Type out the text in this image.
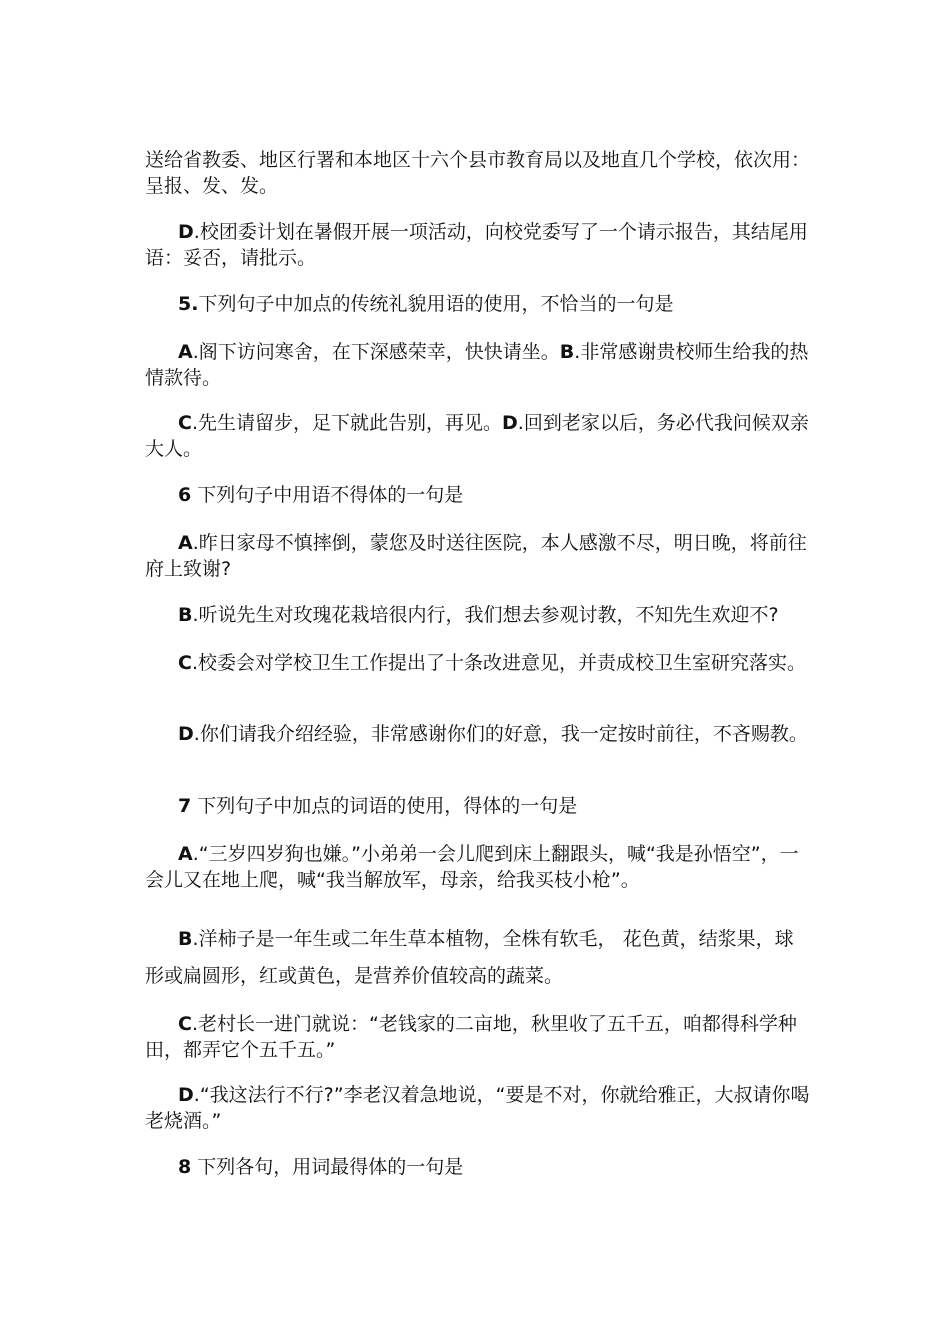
送给省教委、地区行署和本地区十六个县市教育局以及地直几个学校，依次用：呈报、发、发。

D.校团委计划在暑假开展一项活动，向校党委写了一个请示报告，其结尾用语：妥否，请批示。

5.下列句子中加点的传统礼貌用语的使用，不恰当的一句是

A.阁下访问寒舍，在下深感荣幸，快快请坐。B.非常感谢贵校师生给我的热情款待。

C.先生请留步，足下就此告别，再见。D.回到老家以后，务必代我问候双亲大人。

6 下列句子中用语不得体的一句是

A.昨日家母不慎摔倒，蒙您及时送往医院，本人感激不尽，明日晚，将前往府上致谢?

B.听说先生对玫瑰花栽培很内行，我们想去参观讨教，不知先生欢迎不?

C.校委会对学校卫生工作提出了十条改进意见，并责成校卫生室研究落实。

D.你们请我介绍经验，非常感谢你们的好意，我一定按时前往，不吝赐教。

7 下列句子中加点的词语的使用，得体的一句是

A.“三岁四岁狗也嫌。”小弟弟一会儿爬到床上翻跟头，喊“我是孙悟空”，一会儿又在地上爬，喊“我当解放军，母亲，给我买枝小枪”。

B.洋柿子是一年生或二年生草本植物，全株有软毛， 花色黄，结浆果，球形或扁圆形，红或黄色，是营养价值较高的蔬菜。

C.老村长一进门就说：“老钱家的二亩地，秋里收了五千五，咱都得科学种田，都弄它个五千五。”

D.“我这法行不行?”李老汉着急地说，“要是不对，你就给雅正，大叔请你喝老烧酒。”

8 下列各句，用词最得体的一句是
